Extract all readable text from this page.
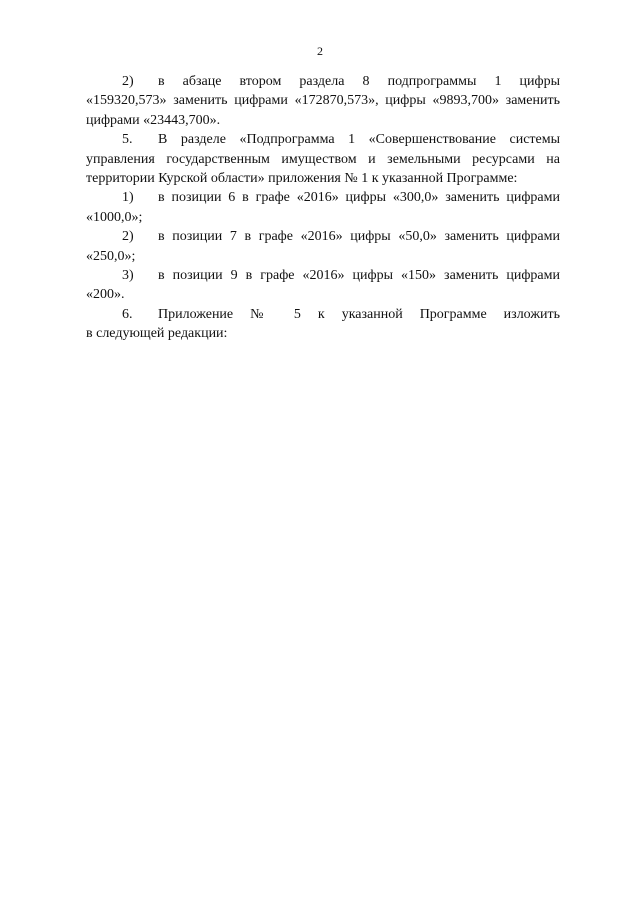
2
2)	в абзаце втором раздела 8 подпрограммы 1 цифры

«159320,573» заменить цифрами «172870,573», цифры «9893,700» заменить цифрами «23443,700».

5.	В разделе «Подпрограмма 1 «Совершенствование системы

управления государственным имуществом и земельными ресурсами на территории Курской области» приложения № 1 к указанной Программе:

1)	в позиции 6 в графе «2016» цифры «300,0» заменить цифрами

«1000,0»;

2)	в позиции 7 в графе «2016» цифры «50,0» заменить цифрами

«250,0»;

3)	в позиции 9 в графе «2016» цифры «150» заменить цифрами

«200».

6.	Приложение № 5 к указанной Программе изложить

в следующей редакции:
